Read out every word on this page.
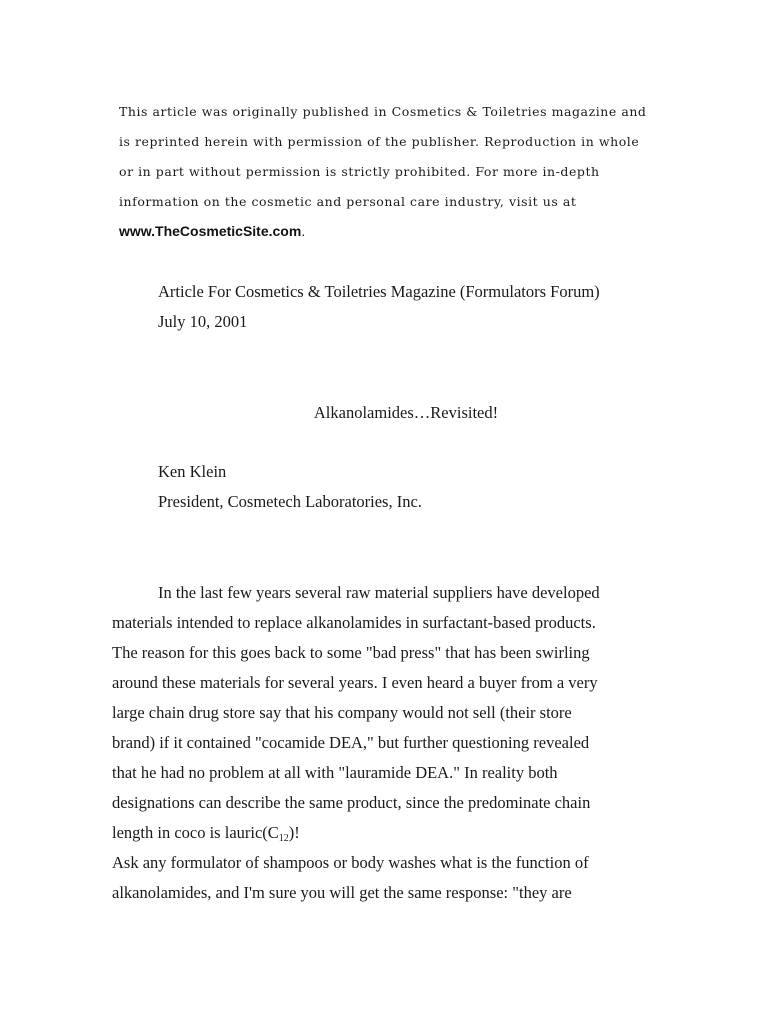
This article was originally published in Cosmetics & Toiletries magazine and
is reprinted herein with permission of the publisher. Reproduction in whole
or in part without permission is strictly prohibited. For more in-depth
information on the cosmetic and personal care industry, visit us at
www.TheCosmeticSite.com.
Article For Cosmetics & Toiletries Magazine (Formulators Forum)
July 10, 2001
Alkanolamides…Revisited!
Ken Klein
President, Cosmetech Laboratories, Inc.
In the last few years several raw material suppliers have developed
materials intended to replace alkanolamides in surfactant-based products.
The reason for this goes back to some "bad press" that has been swirling
around these materials for several years. I even heard a buyer from a very
large chain drug store say that his company would not sell (their store
brand) if it contained "cocamide DEA," but further questioning revealed
that he had no problem at all with "lauramide DEA." In reality both
designations can describe the same product, since the predominate chain
length in coco is $lauric(C_{12})$!
Ask any formulator of shampoos or body washes what is the function of
alkanolamides, and I'm sure you will get the same response: "they are
